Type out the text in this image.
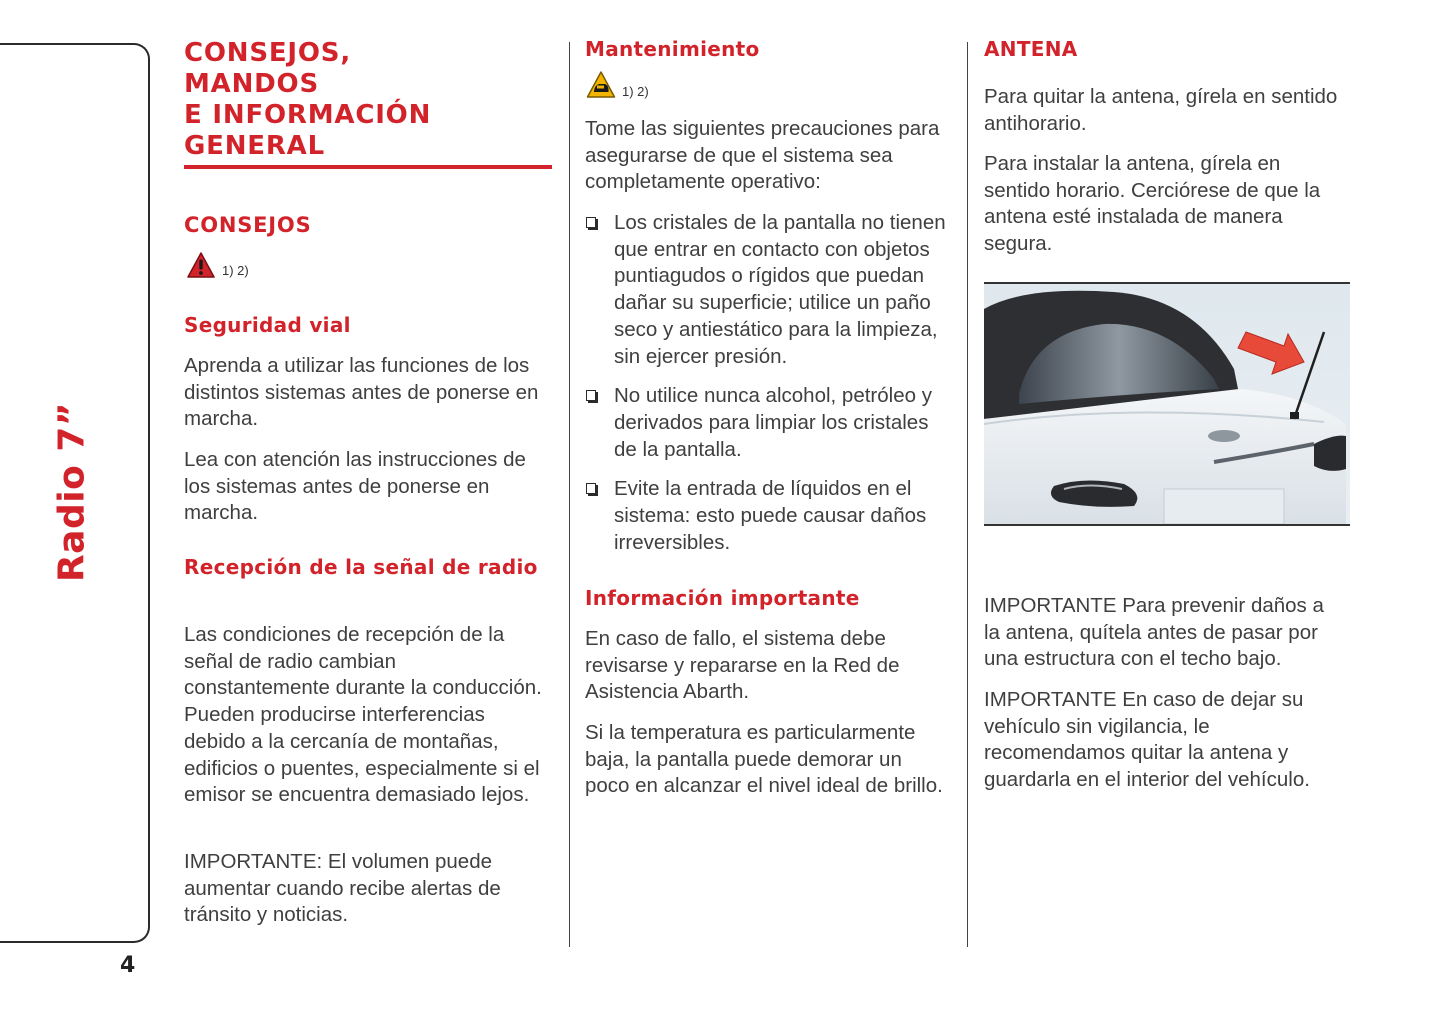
Radio 7”
4
CONSEJOS,
MANDOS
E INFORMACIÓN
GENERAL
CONSEJOS
1) 2)
Seguridad vial

Aprenda a utilizar las funciones de los distintos sistemas antes de ponerse en marcha.

Lea con atención las instrucciones de los sistemas antes de ponerse en marcha.

Recepción de la señal de radio

Las condiciones de recepción de la señal de radio cambian constantemente durante la conducción. Pueden producirse interferencias debido a la cercanía de montañas, edificios o puentes, especialmente si el emisor se encuentra demasiado lejos.

IMPORTANTE: El volumen puede aumentar cuando recibe alertas de tránsito y noticias.

Mantenimiento
1) 2)

Tome las siguientes precauciones para asegurarse de que el sistema sea completamente operativo:

Los cristales de la pantalla no tienen que entrar en contacto con objetos puntiagudos o rígidos que puedan dañar su superficie; utilice un paño seco y antiestático para la limpieza, sin ejercer presión.
No utilice nunca alcohol, petróleo y derivados para limpiar los cristales de la pantalla.
Evite la entrada de líquidos en el sistema: esto puede causar daños irreversibles.
Información importante

En caso de fallo, el sistema debe revisarse y repararse en la Red de Asistencia Abarth.

Si la temperatura es particularmente baja, la pantalla puede demorar un poco en alcanzar el nivel ideal de brillo.

ANTENA

Para quitar la antena, gírela en sentido antihorario.

Para instalar la antena, gírela en sentido horario. Cerciórese de que la antena esté instalada de manera segura.

IMPORTANTE Para prevenir daños a la antena, quítela antes de pasar por una estructura con el techo bajo.

IMPORTANTE En caso de dejar su vehículo sin vigilancia, le recomendamos quitar la antena y guardarla en el interior del vehículo.
